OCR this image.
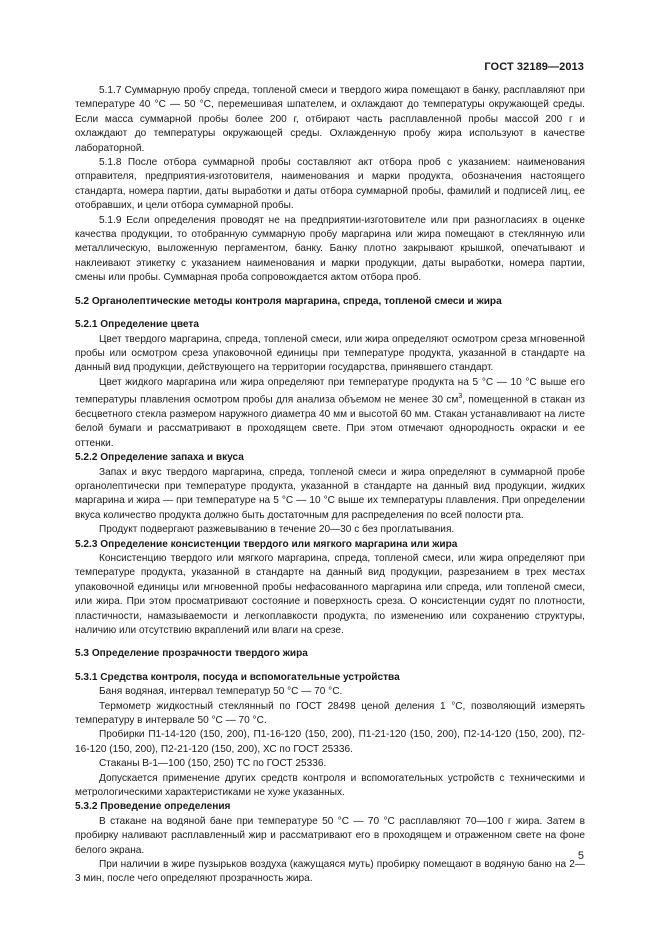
ГОСТ 32189—2013

5.1.7 Суммарную пробу спреда, топленой смеси и твердого жира помещают в банку, расплавляют при температуре 40 °С — 50 °С, перемешивая шпателем, и охлаждают до температуры окружающей среды. Если масса суммарной пробы более 200 г, отбирают часть расплавленной пробы массой 200 г и охлаждают до температуры окружающей среды. Охлажденную пробу жира используют в качестве лабораторной.

5.1.8 После отбора суммарной пробы составляют акт отбора проб с указанием: наименования отправителя, предприятия-изготовителя, наименования и марки продукта, обозначения настоящего стандарта, номера партии, даты выработки и даты отбора суммарной пробы, фамилий и подписей лиц, ее отобравших, и цели отбора суммарной пробы.

5.1.9 Если определения проводят не на предприятии-изготовителе или при разногласиях в оценке качества продукции, то отобранную суммарную пробу маргарина или жира помещают в стеклянную или металлическую, выложенную пергаментом, банку. Банку плотно закрывают крышкой, опечатывают и наклеивают этикетку с указанием наименования и марки продукции, даты выработки, номера партии, смены или пробы. Суммарная проба сопровождается актом отбора проб.

5.2 Органолептические методы контроля маргарина, спреда, топленой смеси и жира

5.2.1 Определение цвета

Цвет твердого маргарина, спреда, топленой смеси, или жира определяют осмотром среза мгновенной пробы или осмотром среза упаковочной единицы при температуре продукта, указанной в стандарте на данный вид продукции, действующего на территории государства, принявшего стандарт.

Цвет жидкого маргарина или жира определяют при температуре продукта на 5 °С — 10 °С выше его температуры плавления осмотром пробы для анализа объемом не менее 30 $см^3$, помещенной в стакан из бесцветного стекла размером наружного диаметра 40 мм и высотой 60 мм. Стакан устанавливают на листе белой бумаги и рассматривают в проходящем свете. При этом отмечают однородность окраски и ее оттенки.

5.2.2 Определение запаха и вкуса

Запах и вкус твердого маргарина, спреда, топленой смеси и жира определяют в суммарной пробе органолептически при температуре продукта, указанной в стандарте на данный вид продукции, жидких маргарина и жира — при температуре на 5 °С — 10 °С выше их температуры плавления. При определении вкуса количество продукта должно быть достаточным для распределения по всей полости рта.

Продукт подвергают разжевыванию в течение 20—30 с без проглатывания.

5.2.3 Определение консистенции твердого или мягкого маргарина или жира

Консистенцию твердого или мягкого маргарина, спреда, топленой смеси, или жира определяют при температуре продукта, указанной в стандарте на данный вид продукции, разрезанием в трех местах упаковочной единицы или мгновенной пробы нефасованного маргарина или спреда, или топленой смеси, или жира. При этом просматривают состояние и поверхность среза. О консистенции судят по плотности, пластичности, намазываемости и легкоплавкости продукта, по изменению или сохранению структуры, наличию или отсутствию вкраплений или влаги на срезе.

5.3 Определение прозрачности твердого жира

5.3.1 Средства контроля, посуда и вспомогательные устройства

Баня водяная, интервал температур 50 °С — 70 °С.

Термометр жидкостный стеклянный по ГОСТ 28498 ценой деления 1 °С, позволяющий измерять температуру в интервале 50 °С — 70 °С.

Пробирки П1-14-120 (150, 200), П1-16-120 (150, 200), П1-21-120 (150, 200), П2-14-120 (150, 200), П2-16-120 (150, 200), П2-21-120 (150, 200), ХС по ГОСТ 25336.

Стаканы В-1—100 (150, 250) ТС по ГОСТ 25336.

Допускается применение других средств контроля и вспомогательных устройств с техническими и метрологическими характеристиками не хуже указанных.

5.3.2 Проведение определения

В стакане на водяной бане при температуре 50 °С — 70 °С расплавляют 70—100 г жира. Затем в пробирку наливают расплавленный жир и рассматривают его в проходящем и отраженном свете на фоне белого экрана.

При наличии в жире пузырьков воздуха (кажущаяся муть) пробирку помещают в водяную баню на 2—3 мин, после чего определяют прозрачность жира.

5
